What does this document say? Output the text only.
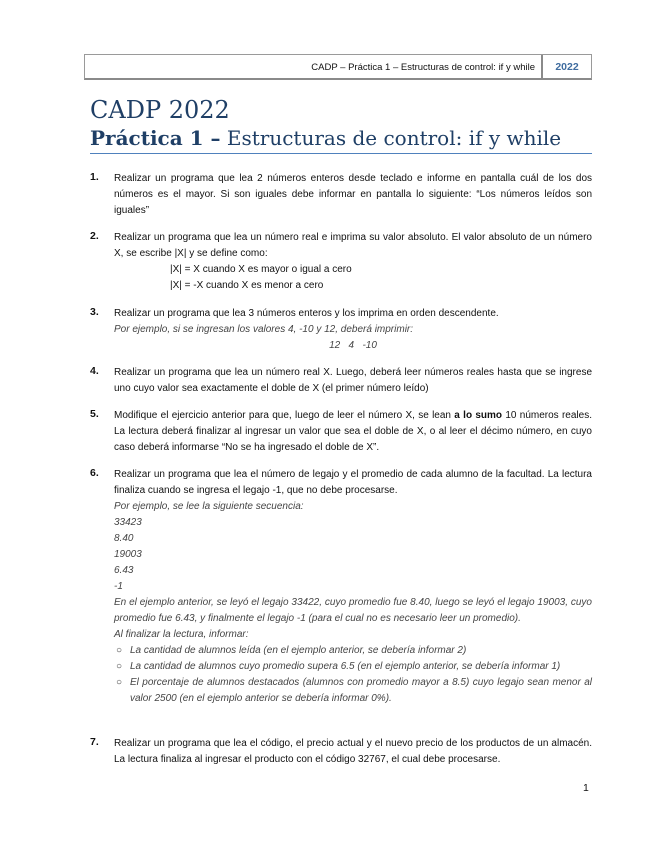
CADP – Práctica 1 – Estructuras de control: if y while	2022
CADP 2022
Práctica 1 – Estructuras de control: if y while
1. Realizar un programa que lea 2 números enteros desde teclado e informe en pantalla cuál de los dos números es el mayor. Si son iguales debe informar en pantalla lo siguiente: “Los números leídos son iguales”
2. Realizar un programa que lea un número real e imprima su valor absoluto. El valor absoluto de un número X, se escribe |X| y se define como:
|X| = X cuando X es mayor o igual a cero
|X| = -X cuando X es menor a cero
3. Realizar un programa que lea 3 números enteros y los imprima en orden descendente.
Por ejemplo, si se ingresan los valores 4, -10 y 12, deberá imprimir:
12   4   -10
4. Realizar un programa que lea un número real X. Luego, deberá leer números reales hasta que se ingrese uno cuyo valor sea exactamente el doble de X (el primer número leído)
5. Modifique el ejercicio anterior para que, luego de leer el número X, se lean a lo sumo 10 números reales. La lectura deberá finalizar al ingresar un valor que sea el doble de X, o al leer el décimo número, en cuyo caso deberá informarse “No se ha ingresado el doble de X”.
6. Realizar un programa que lea el número de legajo y el promedio de cada alumno de la facultad. La lectura finaliza cuando se ingresa el legajo -1, que no debe procesarse.
Por ejemplo, se lee la siguiente secuencia:
33423
8.40
19003
6.43
-1
En el ejemplo anterior, se leyó el legajo 33422, cuyo promedio fue 8.40, luego se leyó el legajo 19003, cuyo promedio fue 6.43, y finalmente el legajo -1 (para el cual no es necesario leer un promedio).
Al finalizar la lectura, informar:
○ La cantidad de alumnos leída (en el ejemplo anterior, se debería informar 2)
○ La cantidad de alumnos cuyo promedio supera 6.5 (en el ejemplo anterior, se debería informar 1)
○ El porcentaje de alumnos destacados (alumnos con promedio mayor a 8.5) cuyo legajo sean menor al valor 2500 (en el ejemplo anterior se debería informar 0%).
7. Realizar un programa que lea el código, el precio actual y el nuevo precio de los productos de un almacén. La lectura finaliza al ingresar el producto con el código 32767, el cual debe procesarse.
1
